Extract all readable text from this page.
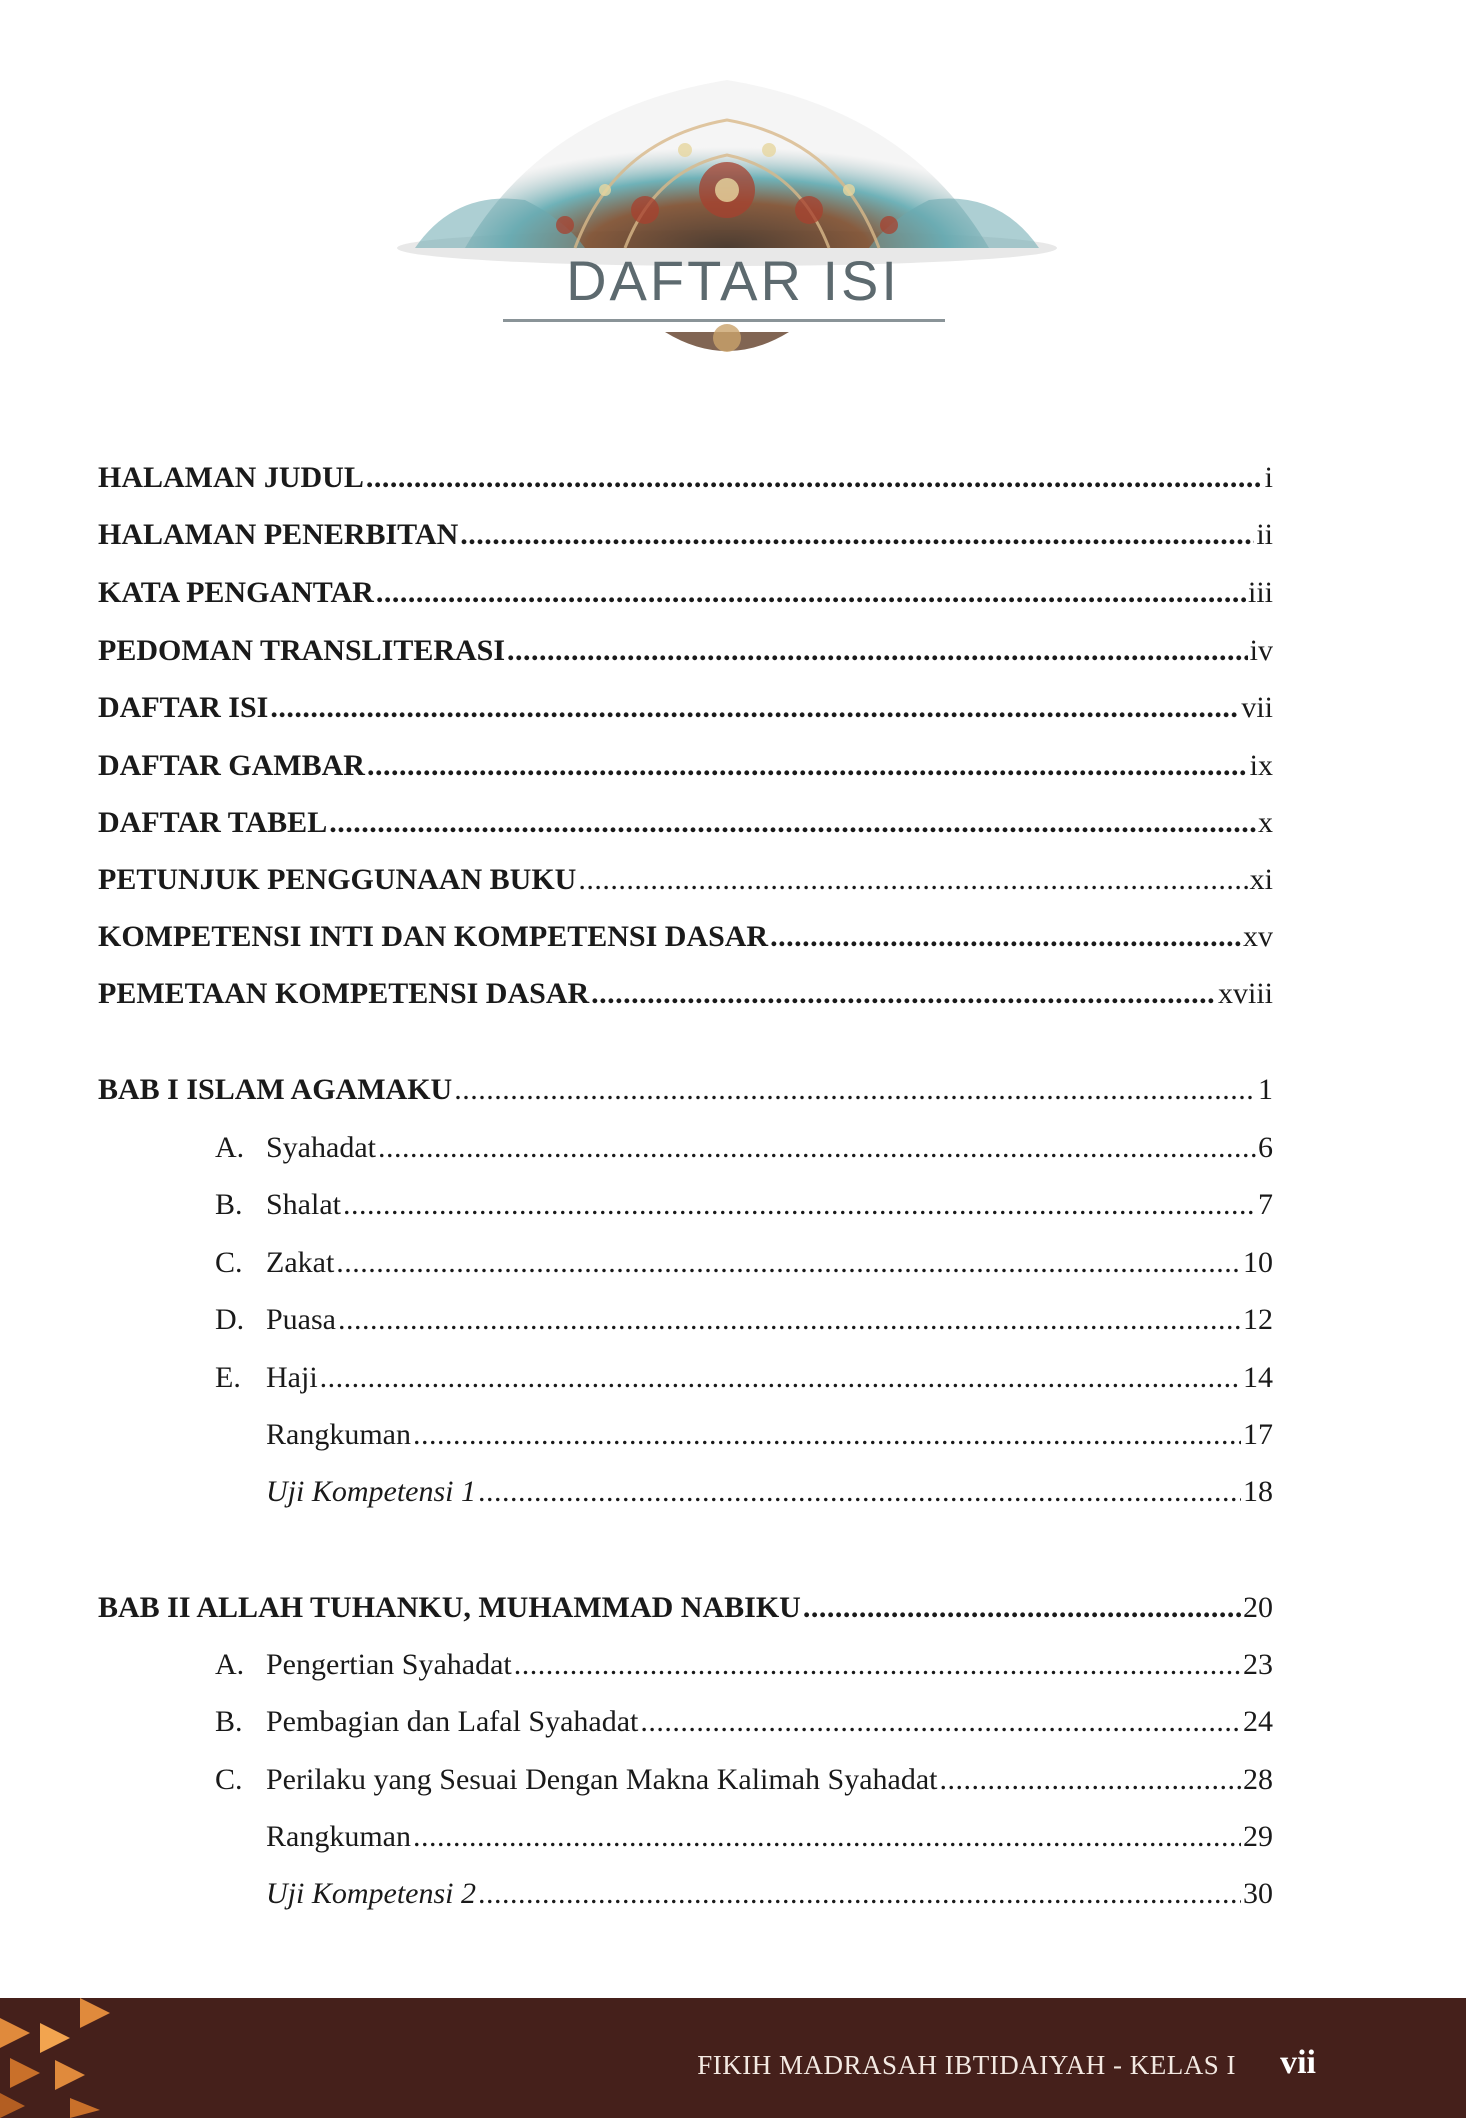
DAFTAR ISI
HALAMAN JUDUL .....	i
HALAMAN PENERBITAN .....	ii
KATA PENGANTAR .....	iii
PEDOMAN TRANSLITERASI .....	iv
DAFTAR ISI .....	vii
DAFTAR GAMBAR .....	ix
DAFTAR TABEL .....	x
PETUNJUK PENGGUNAAN BUKU .....	xi
KOMPETENSI INTI DAN KOMPETENSI DASAR .....	xv
PEMETAAN KOMPETENSI DASAR .....	xviii
BAB I ISLAM AGAMAKU .....	1
A. Syahadat .....	6
B. Shalat .....	7
C. Zakat .....	10
D. Puasa .....	12
E. Haji .....	14
Rangkuman .....	17
Uji Kompetensi 1 .....	18
BAB II ALLAH TUHANKU, MUHAMMAD NABIKU .....	20
A. Pengertian Syahadat .....	23
B. Pembagian dan Lafal Syahadat .....	24
C. Perilaku yang Sesuai Dengan Makna Kalimah Syahadat .....	28
Rangkuman .....	29
Uji Kompetensi 2 .....	30
FIKIH MADRASAH IBTIDAIYAH - KELAS I vii
